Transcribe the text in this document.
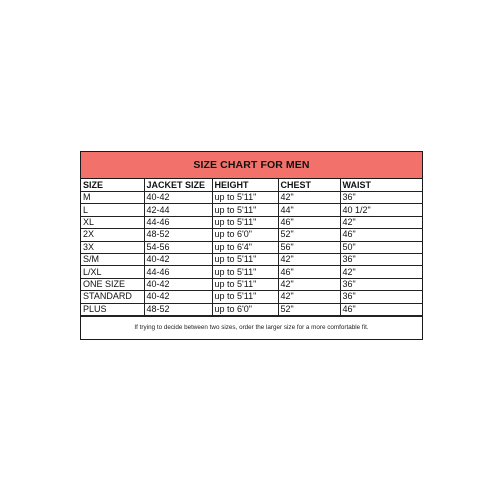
SIZE CHART FOR MEN
SIZE	JACKET SIZE	HEIGHT	CHEST	WAIST
M	40-42	up to 5'11"	42"	36"
L	42-44	up to 5'11"	44"	40 1/2"
XL	44-46	up to 5'11"	46"	42"
2X	48-52	up to 6'0"	52"	46"
3X	54-56	up to 6'4"	56"	50"
S/M	40-42	up to 5'11"	42"	36"
L/XL	44-46	up to 5'11"	46"	42"
ONE SIZE	40-42	up to 5'11"	42"	36"
STANDARD	40-42	up to 5'11"	42"	36"
PLUS	48-52	up to 6'0"	52"	46"
If trying to decide between two sizes, order the larger size for a more comfortable fit.
